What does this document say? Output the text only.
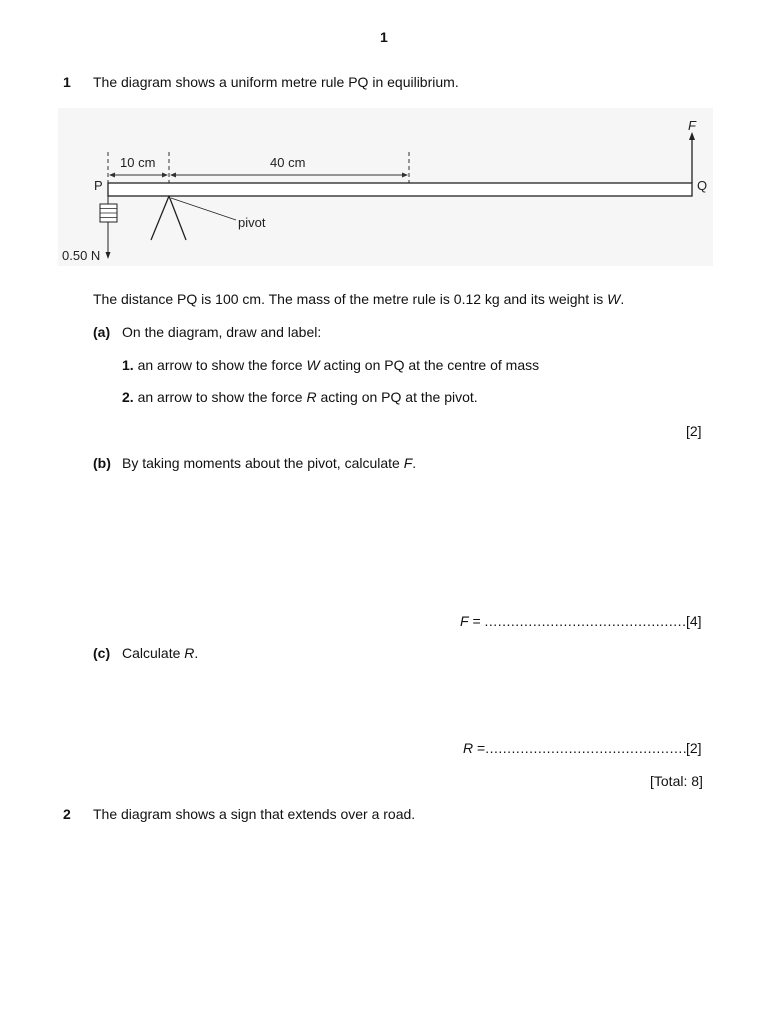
1
1 The diagram shows a uniform metre rule PQ in equilibrium.
10 cm	40 cm
P	Q
F
pivot
0.50 N
The distance PQ is 100 cm. The mass of the metre rule is 0.12 kg and its weight is W.
(a) On the diagram, draw and label:
1. an arrow to show the force W acting on PQ at the centre of mass
2. an arrow to show the force R acting on PQ at the pivot.
[2]
(b) By taking moments about the pivot, calculate F.
F = .............................................. [4]
(c) Calculate R.
R =..............................................
[2]
[Total: 8]
2 The diagram shows a sign that extends over a road.
